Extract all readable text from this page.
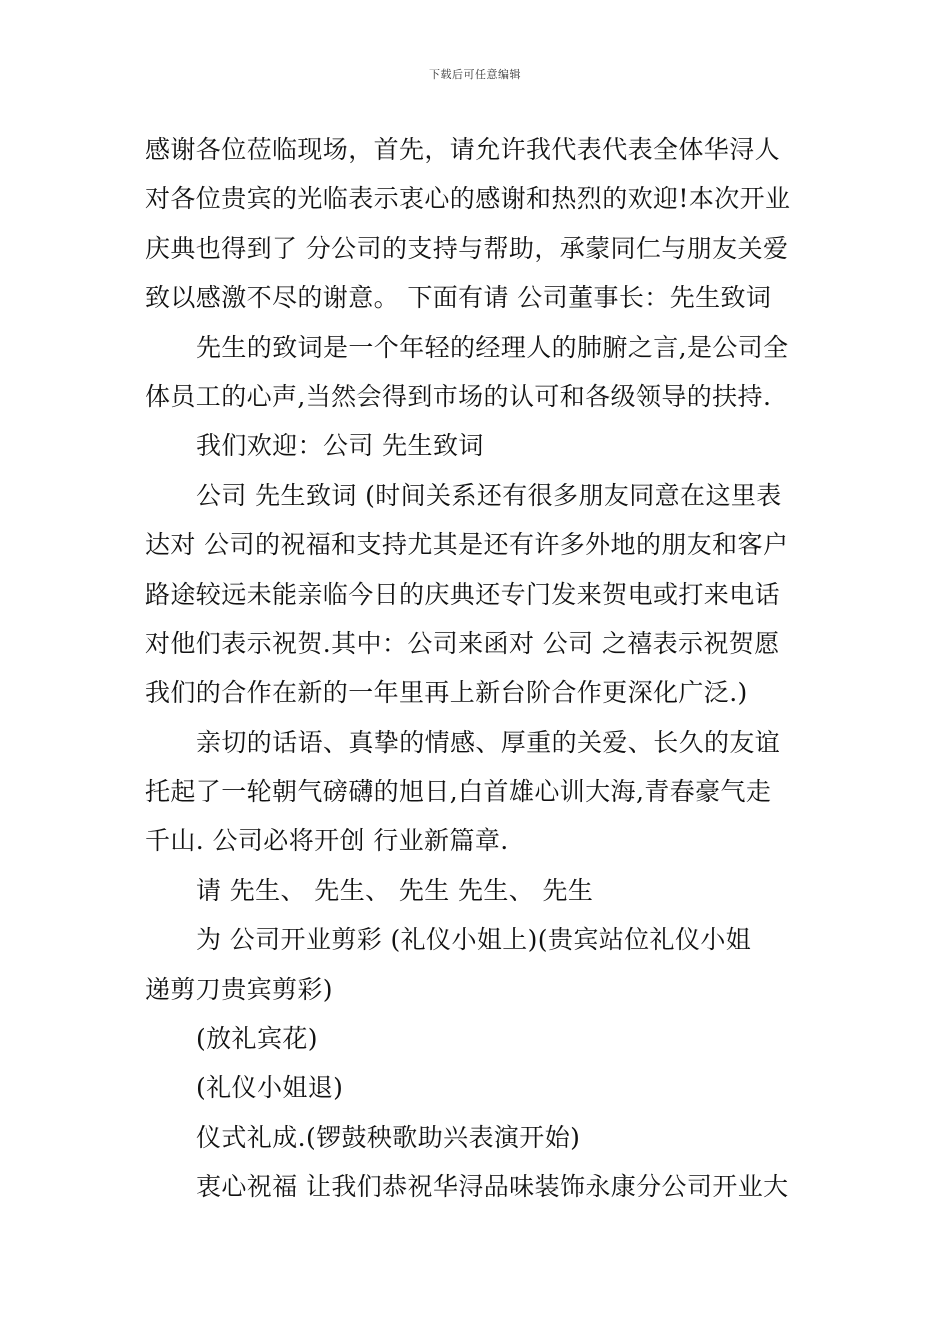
下载后可任意编辑
感谢各位莅临现场，首先，请允许我代表代表全体华浔人
对各位贵宾的光临表示衷心的感谢和热烈的欢迎!本次开业
庆典也得到了 分公司的支持与帮助，承蒙同仁与朋友关爱
致以感激不尽的谢意。 下面有请 公司董事长：先生致词
先生的致词是一个年轻的经理人的肺腑之言,是公司全
体员工的心声,当然会得到市场的认可和各级领导的扶持.
我们欢迎：公司 先生致词
公司 先生致词 (时间关系还有很多朋友同意在这里表
达对 公司的祝福和支持尤其是还有许多外地的朋友和客户
路途较远未能亲临今日的庆典还专门发来贺电或打来电话
对他们表示祝贺.其中：公司来函对 公司 之禧表示祝贺愿
我们的合作在新的一年里再上新台阶合作更深化广泛.)
亲切的话语、真挚的情感、厚重的关爱、长久的友谊
托起了一轮朝气磅礴的旭日,白首雄心训大海,青春豪气走
千山. 公司必将开创 行业新篇章.
请 先生、 先生、 先生 先生、 先生
为 公司开业剪彩 (礼仪小姐上)(贵宾站位礼仪小姐
递剪刀贵宾剪彩)
(放礼宾花)
(礼仪小姐退)
仪式礼成.(锣鼓秧歌助兴表演开始)
衷心祝福 让我们恭祝华浔品味装饰永康分公司开业大
